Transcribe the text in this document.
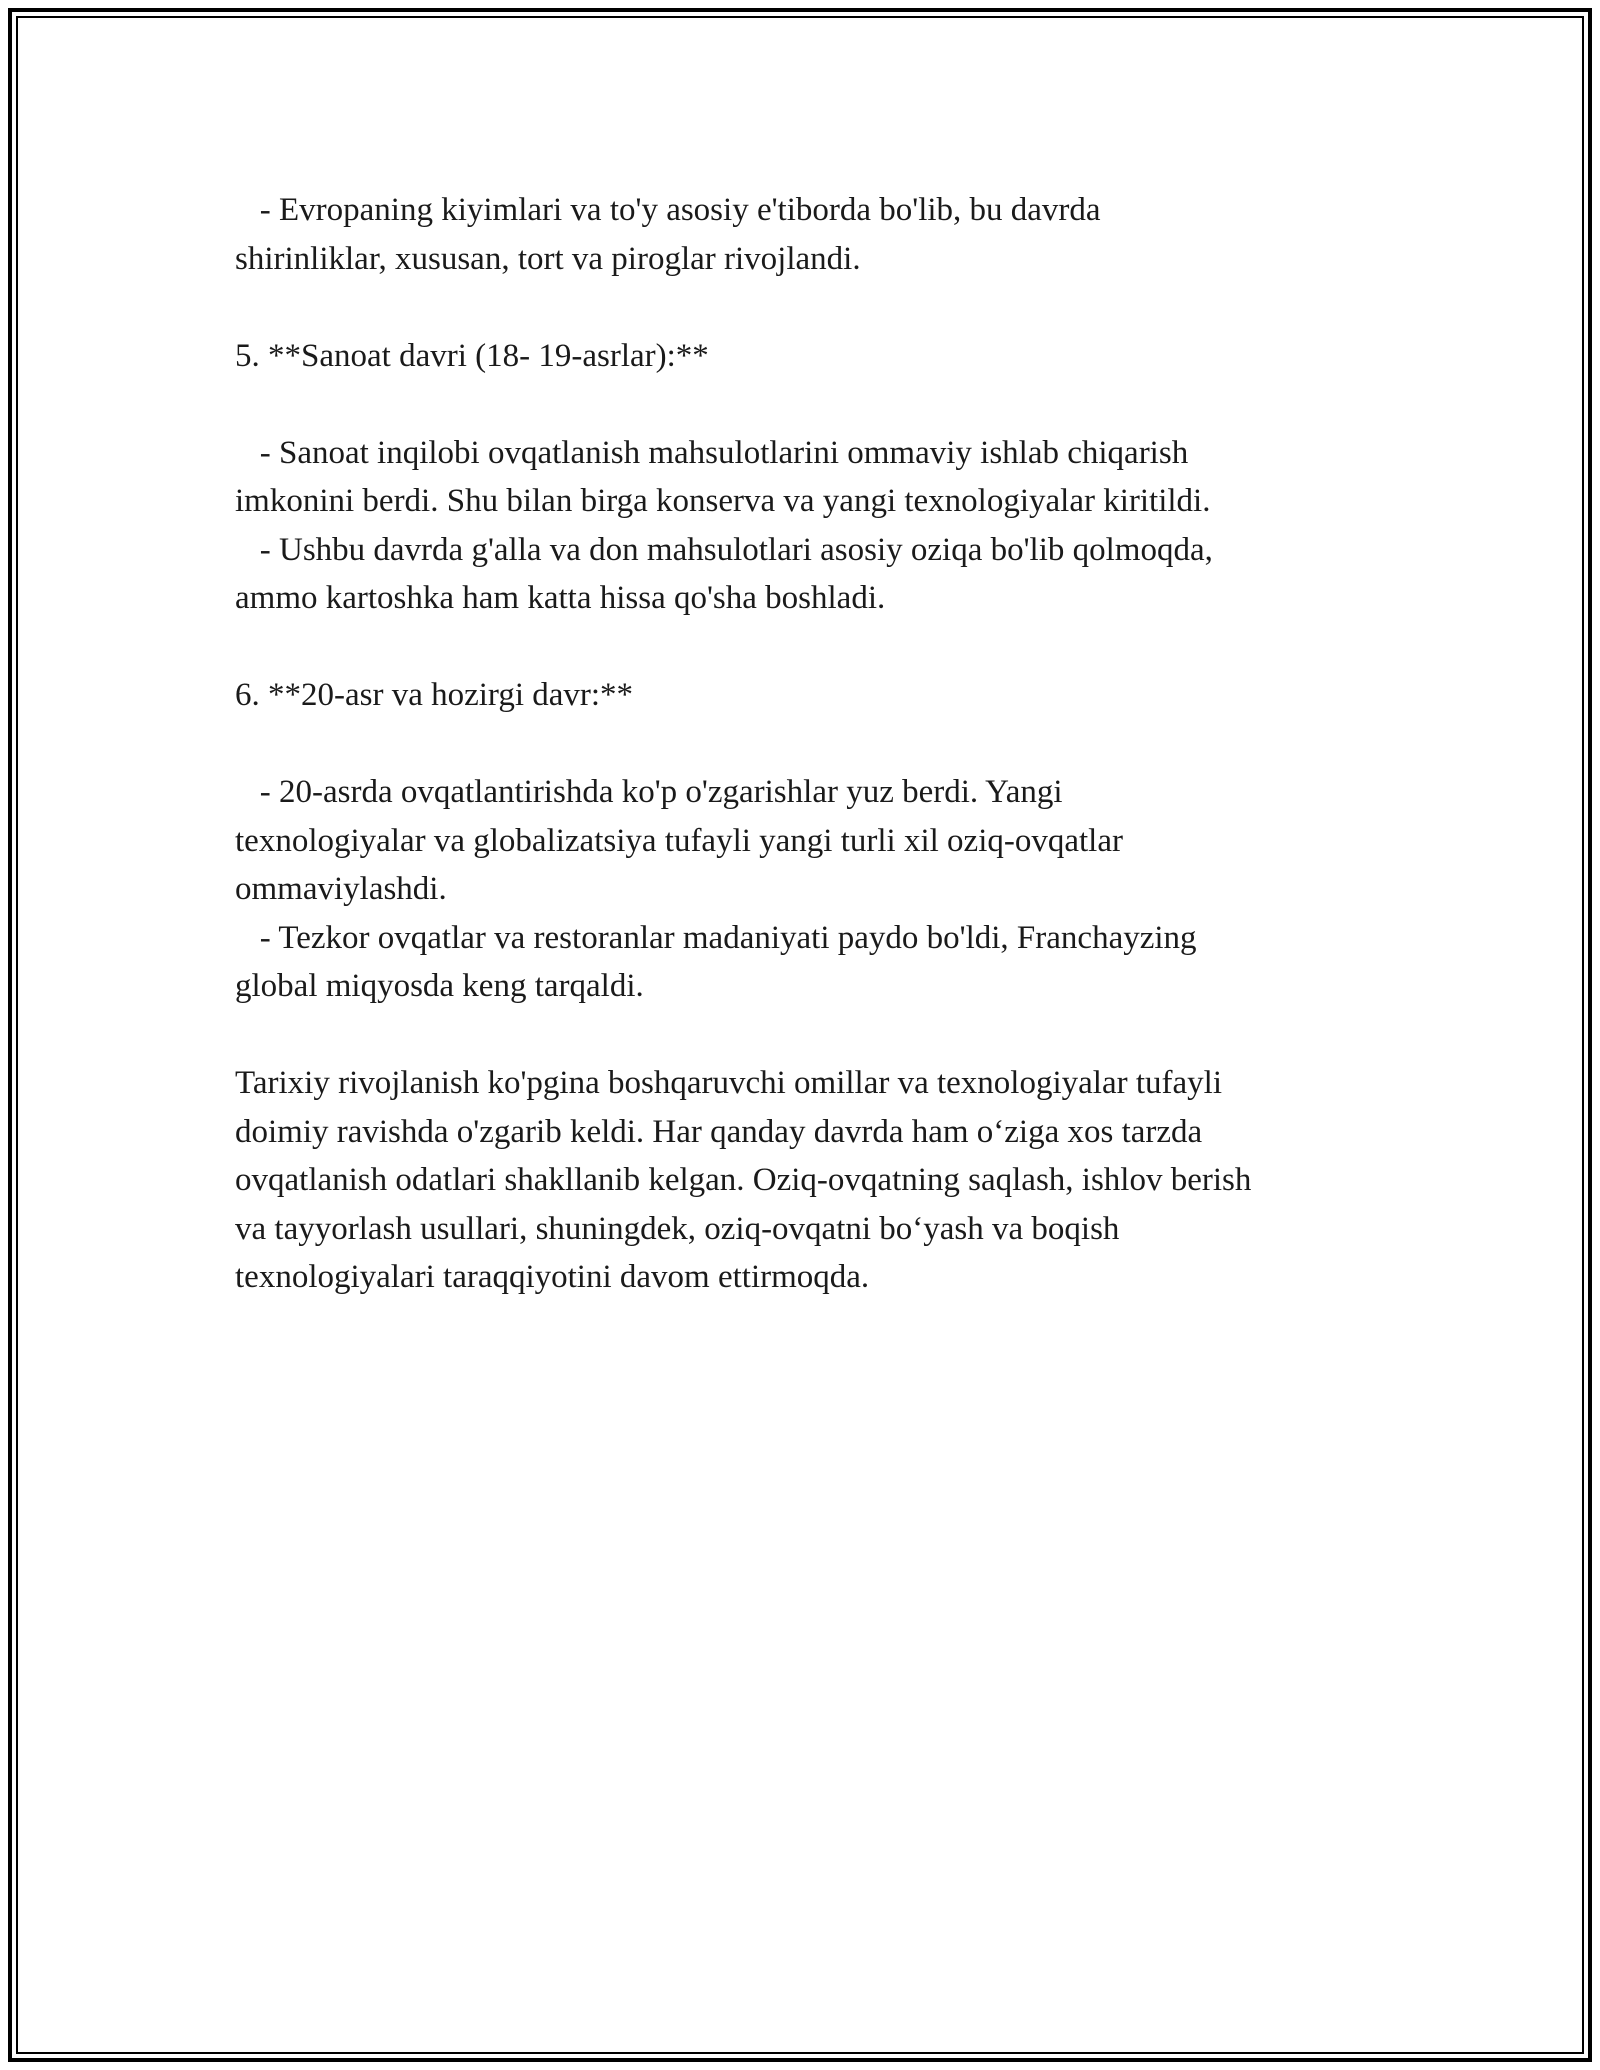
- Evropaning kiyimlari va to'y asosiy e'tiborda bo'lib, bu davrda
shirinliklar, xususan, tort va piroglar rivojlandi.
5. **Sanoat davri (18- 19-asrlar):**
- Sanoat inqilobi ovqatlanish mahsulotlarini ommaviy ishlab chiqarish
imkonini berdi. Shu bilan birga konserva va yangi texnologiyalar kiritildi.
- Ushbu davrda g'alla va don mahsulotlari asosiy oziqa bo'lib qolmoqda,
ammo kartoshka ham katta hissa qo'sha boshladi.
6. **20-asr va hozirgi davr:**
- 20-asrda ovqatlantirishda ko'p o'zgarishlar yuz berdi. Yangi
texnologiyalar va globalizatsiya tufayli yangi turli xil oziq-ovqatlar
ommaviylashdi.
- Tezkor ovqatlar va restoranlar madaniyati paydo bo'ldi, Franchayzing
global miqyosda keng tarqaldi.
Tarixiy rivojlanish ko'pgina boshqaruvchi omillar va texnologiyalar tufayli
doimiy ravishda o'zgarib keldi. Har qanday davrda ham o‘ziga xos tarzda
ovqatlanish odatlari shakllanib kelgan. Oziq-ovqatning saqlash, ishlov berish
va tayyorlash usullari, shuningdek, oziq-ovqatni bo‘yash va boqish
texnologiyalari taraqqiyotini davom ettirmoqda.
